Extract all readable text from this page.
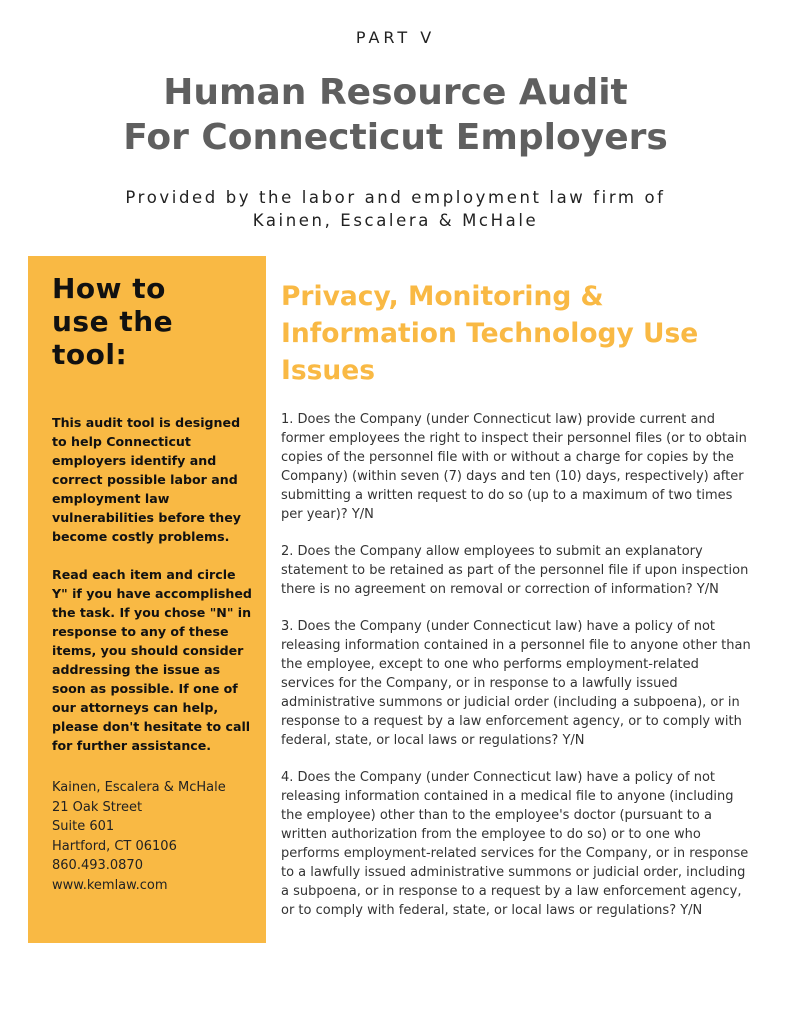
PART V
Human Resource Audit
For Connecticut Employers
Provided by the labor and employment law firm of
Kainen, Escalera & McHale
How to
use the
tool:

This audit tool is designed to help Connecticut employers identify and correct possible labor and employment law vulnerabilities before they become costly problems.

Read each item and circle Y" if you have accomplished the task. If you chose "N" in response to any of these items, you should consider addressing the issue as soon as possible. If one of our attorneys can help, please don't hesitate to call for further assistance.

Kainen, Escalera & McHale
21 Oak Street
Suite 601
Hartford, CT 06106
860.493.0870
www.kemlaw.com
Privacy, Monitoring & Information Technology Use Issues

1. Does the Company (under Connecticut law) provide current and former employees the right to inspect their personnel files (or to obtain copies of the personnel file with or without a charge for copies by the Company) (within seven (7) days and ten (10) days, respectively) after submitting a written request to do so (up to a maximum of two times per year)? Y/N

2. Does the Company allow employees to submit an explanatory statement to be retained as part of the personnel file if upon inspection there is no agreement on removal or correction of information? Y/N

3. Does the Company (under Connecticut law) have a policy of not releasing information contained in a personnel file to anyone other than the employee, except to one who performs employment-related services for the Company, or in response to a lawfully issued administrative summons or judicial order (including a subpoena), or in response to a request by a law enforcement agency, or to comply with federal, state, or local laws or regulations? Y/N

4. Does the Company (under Connecticut law) have a policy of not releasing information contained in a medical file to anyone (including the employee) other than to the employee's doctor (pursuant to a written authorization from the employee to do so) or to one who performs employment-related services for the Company, or in response to a lawfully issued administrative summons or judicial order, including a subpoena, or in response to a request by a law enforcement agency, or to comply with federal, state, or local laws or regulations? Y/N
